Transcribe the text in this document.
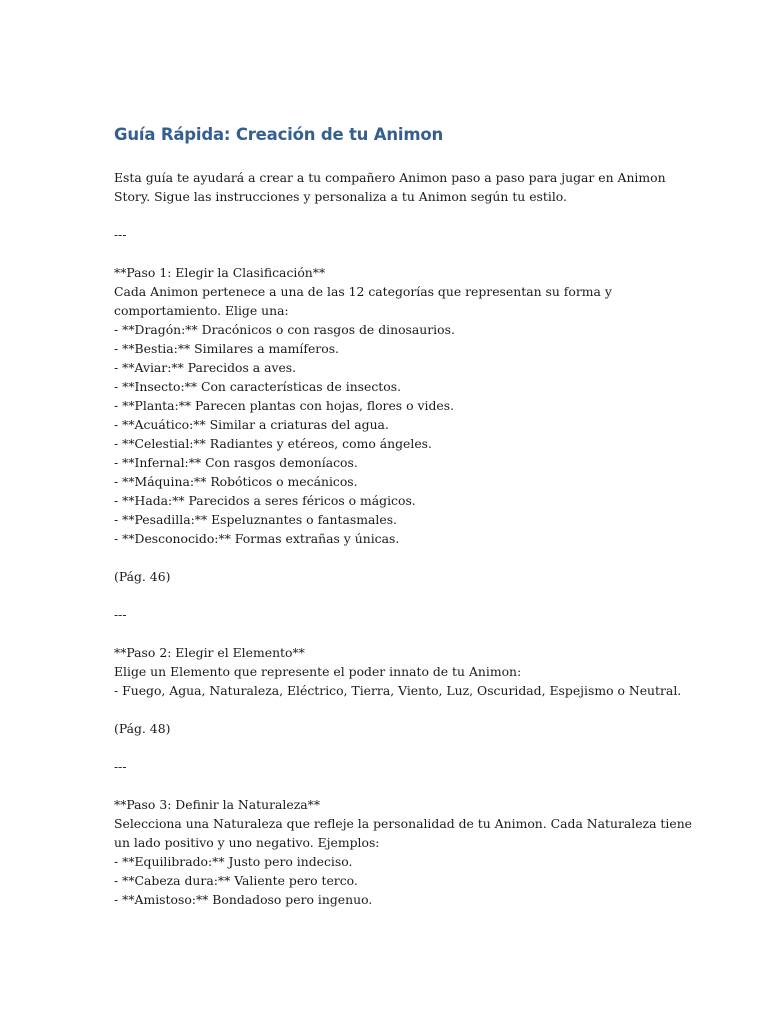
Guía Rápida: Creación de tu Animon

Esta guía te ayudará a crear a tu compañero Animon paso a paso para jugar en Animon

Story. Sigue las instrucciones y personaliza a tu Animon según tu estilo.

---

**Paso 1: Elegir la Clasificación**

Cada Animon pertenece a una de las 12 categorías que representan su forma y

comportamiento. Elige una:

- **Dragón:** Dracónicos o con rasgos de dinosaurios.

- **Bestia:** Similares a mamíferos.

- **Aviar:** Parecidos a aves.

- **Insecto:** Con características de insectos.

- **Planta:** Parecen plantas con hojas, flores o vides.

- **Acuático:** Similar a criaturas del agua.

- **Celestial:** Radiantes y etéreos, como ángeles.

- **Infernal:** Con rasgos demoníacos.

- **Máquina:** Robóticos o mecánicos.

- **Hada:** Parecidos a seres féricos o mágicos.

- **Pesadilla:** Espeluznantes o fantasmales.

- **Desconocido:** Formas extrañas y únicas.

(Pág. 46)

---

**Paso 2: Elegir el Elemento**

Elige un Elemento que represente el poder innato de tu Animon:

- Fuego, Agua, Naturaleza, Eléctrico, Tierra, Viento, Luz, Oscuridad, Espejismo o Neutral.

(Pág. 48)

---

**Paso 3: Definir la Naturaleza**

Selecciona una Naturaleza que refleje la personalidad de tu Animon. Cada Naturaleza tiene

un lado positivo y uno negativo. Ejemplos:

- **Equilibrado:** Justo pero indeciso.

- **Cabeza dura:** Valiente pero terco.

- **Amistoso:** Bondadoso pero ingenuo.
